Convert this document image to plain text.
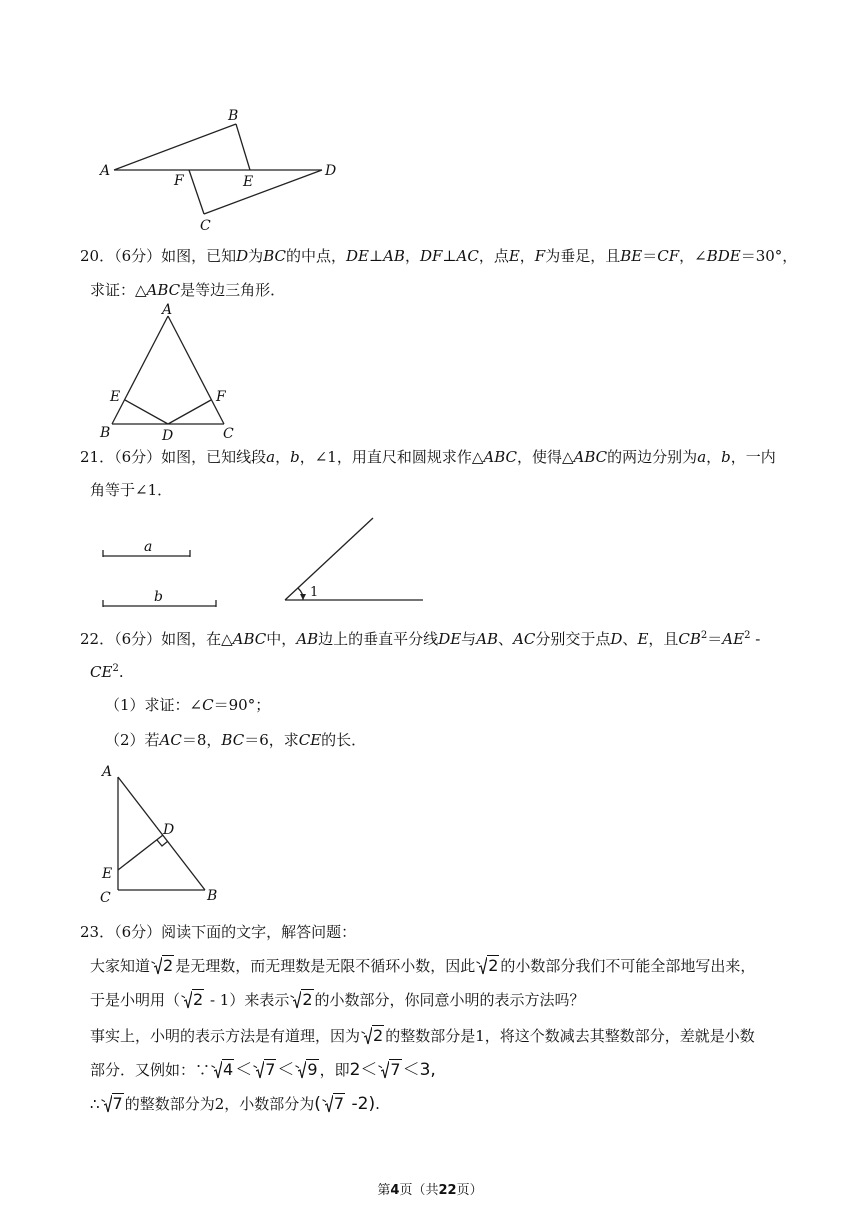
B
A
F	E
D
C
20．（6分）如图，已知D为BC的中点，DE⊥AB，DF⊥AC，点E，F为垂足，且BE＝CF，∠BDE＝30°，
求证：△ABC是等边三角形．
A
E	F
B	D	C
21．（6分）如图，已知线段a，b，∠1，用直尺和圆规求作△ABC，使得△ABC的两边分别为a，b，一内
角等于∠1．
a
b	1
22．（6分）如图，在△ABC中，AB边上的垂直平分线DE与AB、AC分别交于点D、E，且$CB^2=AE^2$ -
$CE^2$.
（1）求证：∠C＝90°；
（2）若AC＝8，BC＝6，求CE的长．
A
D
E
C	B
23．（6分）阅读下面的文字，解答问题：
大家知道 2 是无理数，而无理数是无限不循环小数，因此 2 的小数部分我们不可能全部地写出来，
于是小明用（ 2 - 1）来表示 2 的小数部分，你同意小明的表示方法吗？
事实上，小明的表示方法是有道理，因为 2 的整数部分是1，将这个数减去其整数部分，差就是小数
部分．又例如：∵ 4 ＜ 7 ＜ 9 ，即2＜ 7 ＜3,
∴ 7 的整数部分为2，小数部分为( 7 -2).
第4页（共22页）
